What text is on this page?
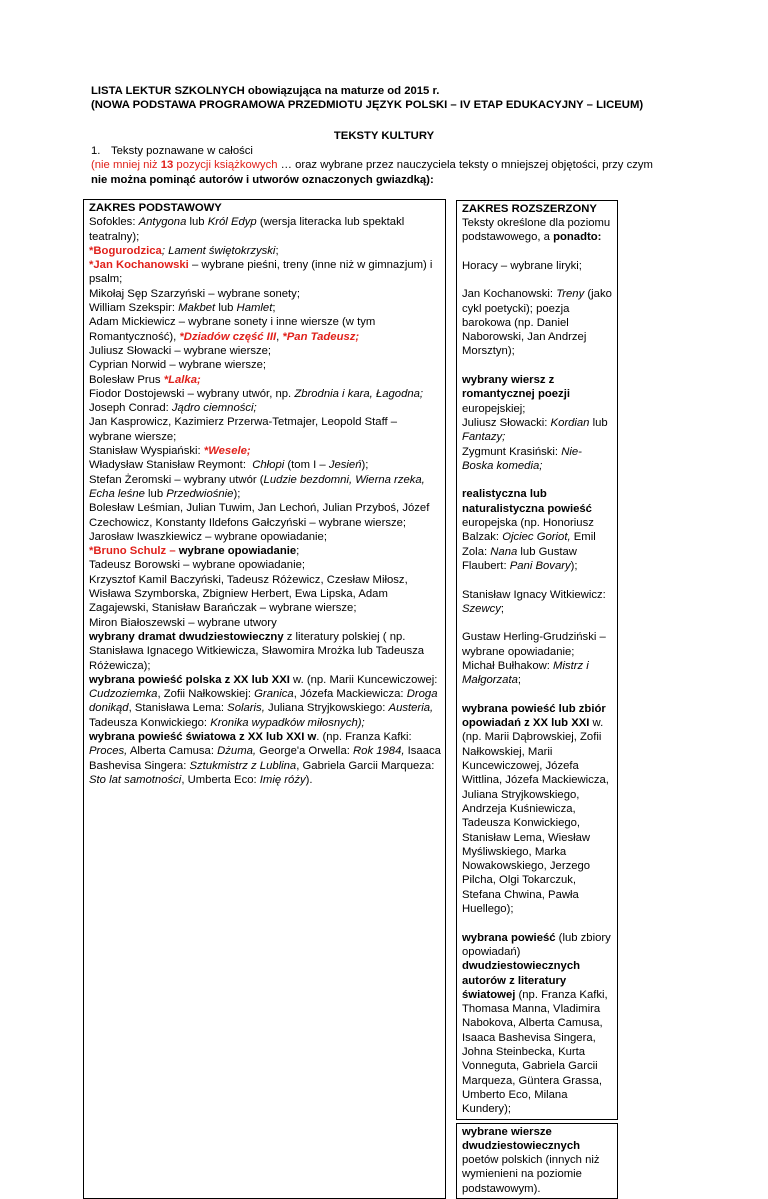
LISTA LEKTUR SZKOLNYCH obowiązująca na maturze od 2015 r.
(NOWA PODSTAWA PROGRAMOWA PRZEDMIOTU JĘZYK POLSKI – IV ETAP EDUKACYJNY – LICEUM)
TEKSTY KULTURY
1. Teksty poznawane w całości
(nie mniej niż 13 pozycji książkowych … oraz wybrane przez nauczyciela teksty o mniejszej objętości, przy czym
nie można pominąć autorów i utworów oznaczonych gwiazdką):
ZAKRES PODSTAWOWY
Sofokles: Antygona lub Król Edyp (wersja literacka lub spektakl teatralny);
*Bogurodzica; Lament świętokrzyski;
*Jan Kochanowski – wybrane pieśni, treny (inne niż w gimnazjum) i psalm;
Mikołaj Sęp Szarzyński – wybrane sonety;
William Szekspir: Makbet lub Hamlet;
Adam Mickiewicz – wybrane sonety i inne wiersze (w tym Romantyczność), *Dziadów część III, *Pan Tadeusz;
Juliusz Słowacki – wybrane wiersze;
Cyprian Norwid – wybrane wiersze;
Bolesław Prus *Lalka;
Fiodor Dostojewski – wybrany utwór, np. Zbrodnia i kara, Łagodna;
Joseph Conrad: Jądro ciemności;
Jan Kasprowicz, Kazimierz Przerwa-Tetmajer, Leopold Staff – wybrane wiersze;
Stanisław Wyspiański: *Wesele;
Władysław Stanisław Reymont:  Chłopi (tom I – Jesień);
Stefan Żeromski – wybrany utwór (Ludzie bezdomni, Wierna rzeka, Echa leśne lub Przedwiośnie);
Bolesław Leśmian, Julian Tuwim, Jan Lechoń, Julian Przyboś, Józef Czechowicz, Konstanty Ildefons Gałczyński – wybrane wiersze;
Jarosław Iwaszkiewicz – wybrane opowiadanie;
*Bruno Schulz – wybrane opowiadanie;
Tadeusz Borowski – wybrane opowiadanie;
Krzysztof Kamil Baczyński, Tadeusz Różewicz, Czesław Miłosz, Wisława Szymborska, Zbigniew Herbert, Ewa Lipska, Adam Zagajewski, Stanisław Barańczak – wybrane wiersze;
Miron Białoszewski – wybrane utwory
wybrany dramat dwudziestowieczny z literatury polskiej ( np. Stanisława Ignacego Witkiewicza, Sławomira Mrożka lub Tadeusza Różewicza);
wybrana powieść polska z XX lub XXI w. (np. Marii Kuncewiczowej: Cudzoziemka, Zofii Nałkowskiej: Granica, Józefa Mackiewicza: Droga donikąd, Stanisława Lema: Solaris, Juliana Stryjkowskiego: Austeria, Tadeusza Konwickiego: Kronika wypadków miłosnych);
wybrana powieść światowa z XX lub XXI w. (np. Franza Kafki: Proces, Alberta Camusa: Dżuma, George'a Orwella: Rok 1984, Isaaca Bashevisa Singera: Sztukmistrz z Lublina, Gabriela Garcii Marqueza: Sto lat samotności, Umberta Eco: Imię róży).

ZAKRES ROZSZERZONY
Teksty określone dla poziomu podstawowego, a ponadto:
Horacy – wybrane liryki;
Jan Kochanowski: Treny (jako cykl poetycki); poezja barokowa (np. Daniel Naborowski, Jan Andrzej Morsztyn);
wybrany wiersz z romantycznej poezji europejskiej;
Juliusz Słowacki: Kordian lub Fantazy;
Zygmunt Krasiński: Nie-Boska komedia;
realistyczna lub naturalistyczna powieść europejska (np. Honoriusz Balzak: Ojciec Goriot, Emil Zola: Nana lub Gustaw Flaubert: Pani Bovary);
Stanisław Ignacy Witkiewicz: Szewcy;
Gustaw Herling-Grudziński – wybrane opowiadanie;
Michał Bułhakow: Mistrz i Małgorzata;
wybrana powieść lub zbiór opowiadań z XX lub XXI w. (np. Marii Dąbrowskiej, Zofii Nałkowskiej, Marii Kuncewiczowej, Józefa Wittlina, Józefa Mackiewicza, Juliana Stryjkowskiego, Andrzeja Kuśniewicza, Tadeusza Konwickiego, Stanisław Lema, Wiesław Myśliwskiego, Marka Nowakowskiego, Jerzego Pilcha, Olgi Tokarczuk, Stefana Chwina, Pawła Huellego);
wybrana powieść (lub zbiory opowiadań) dwudziestowiecznych autorów z literatury światowej (np. Franza Kafki, Thomasa Manna, Vladimira Nabokova, Alberta Camusa, Isaaca Bashevisa Singera, Johna Steinbecka, Kurta Vonneguta, Gabriela Garcii Marqueza, Güntera Grassa, Umberto Eco, Milana Kundery);
wybrane wiersze dwudziestowiecznych poetów polskich (innych niż wymienieni na poziomie podstawowym).
